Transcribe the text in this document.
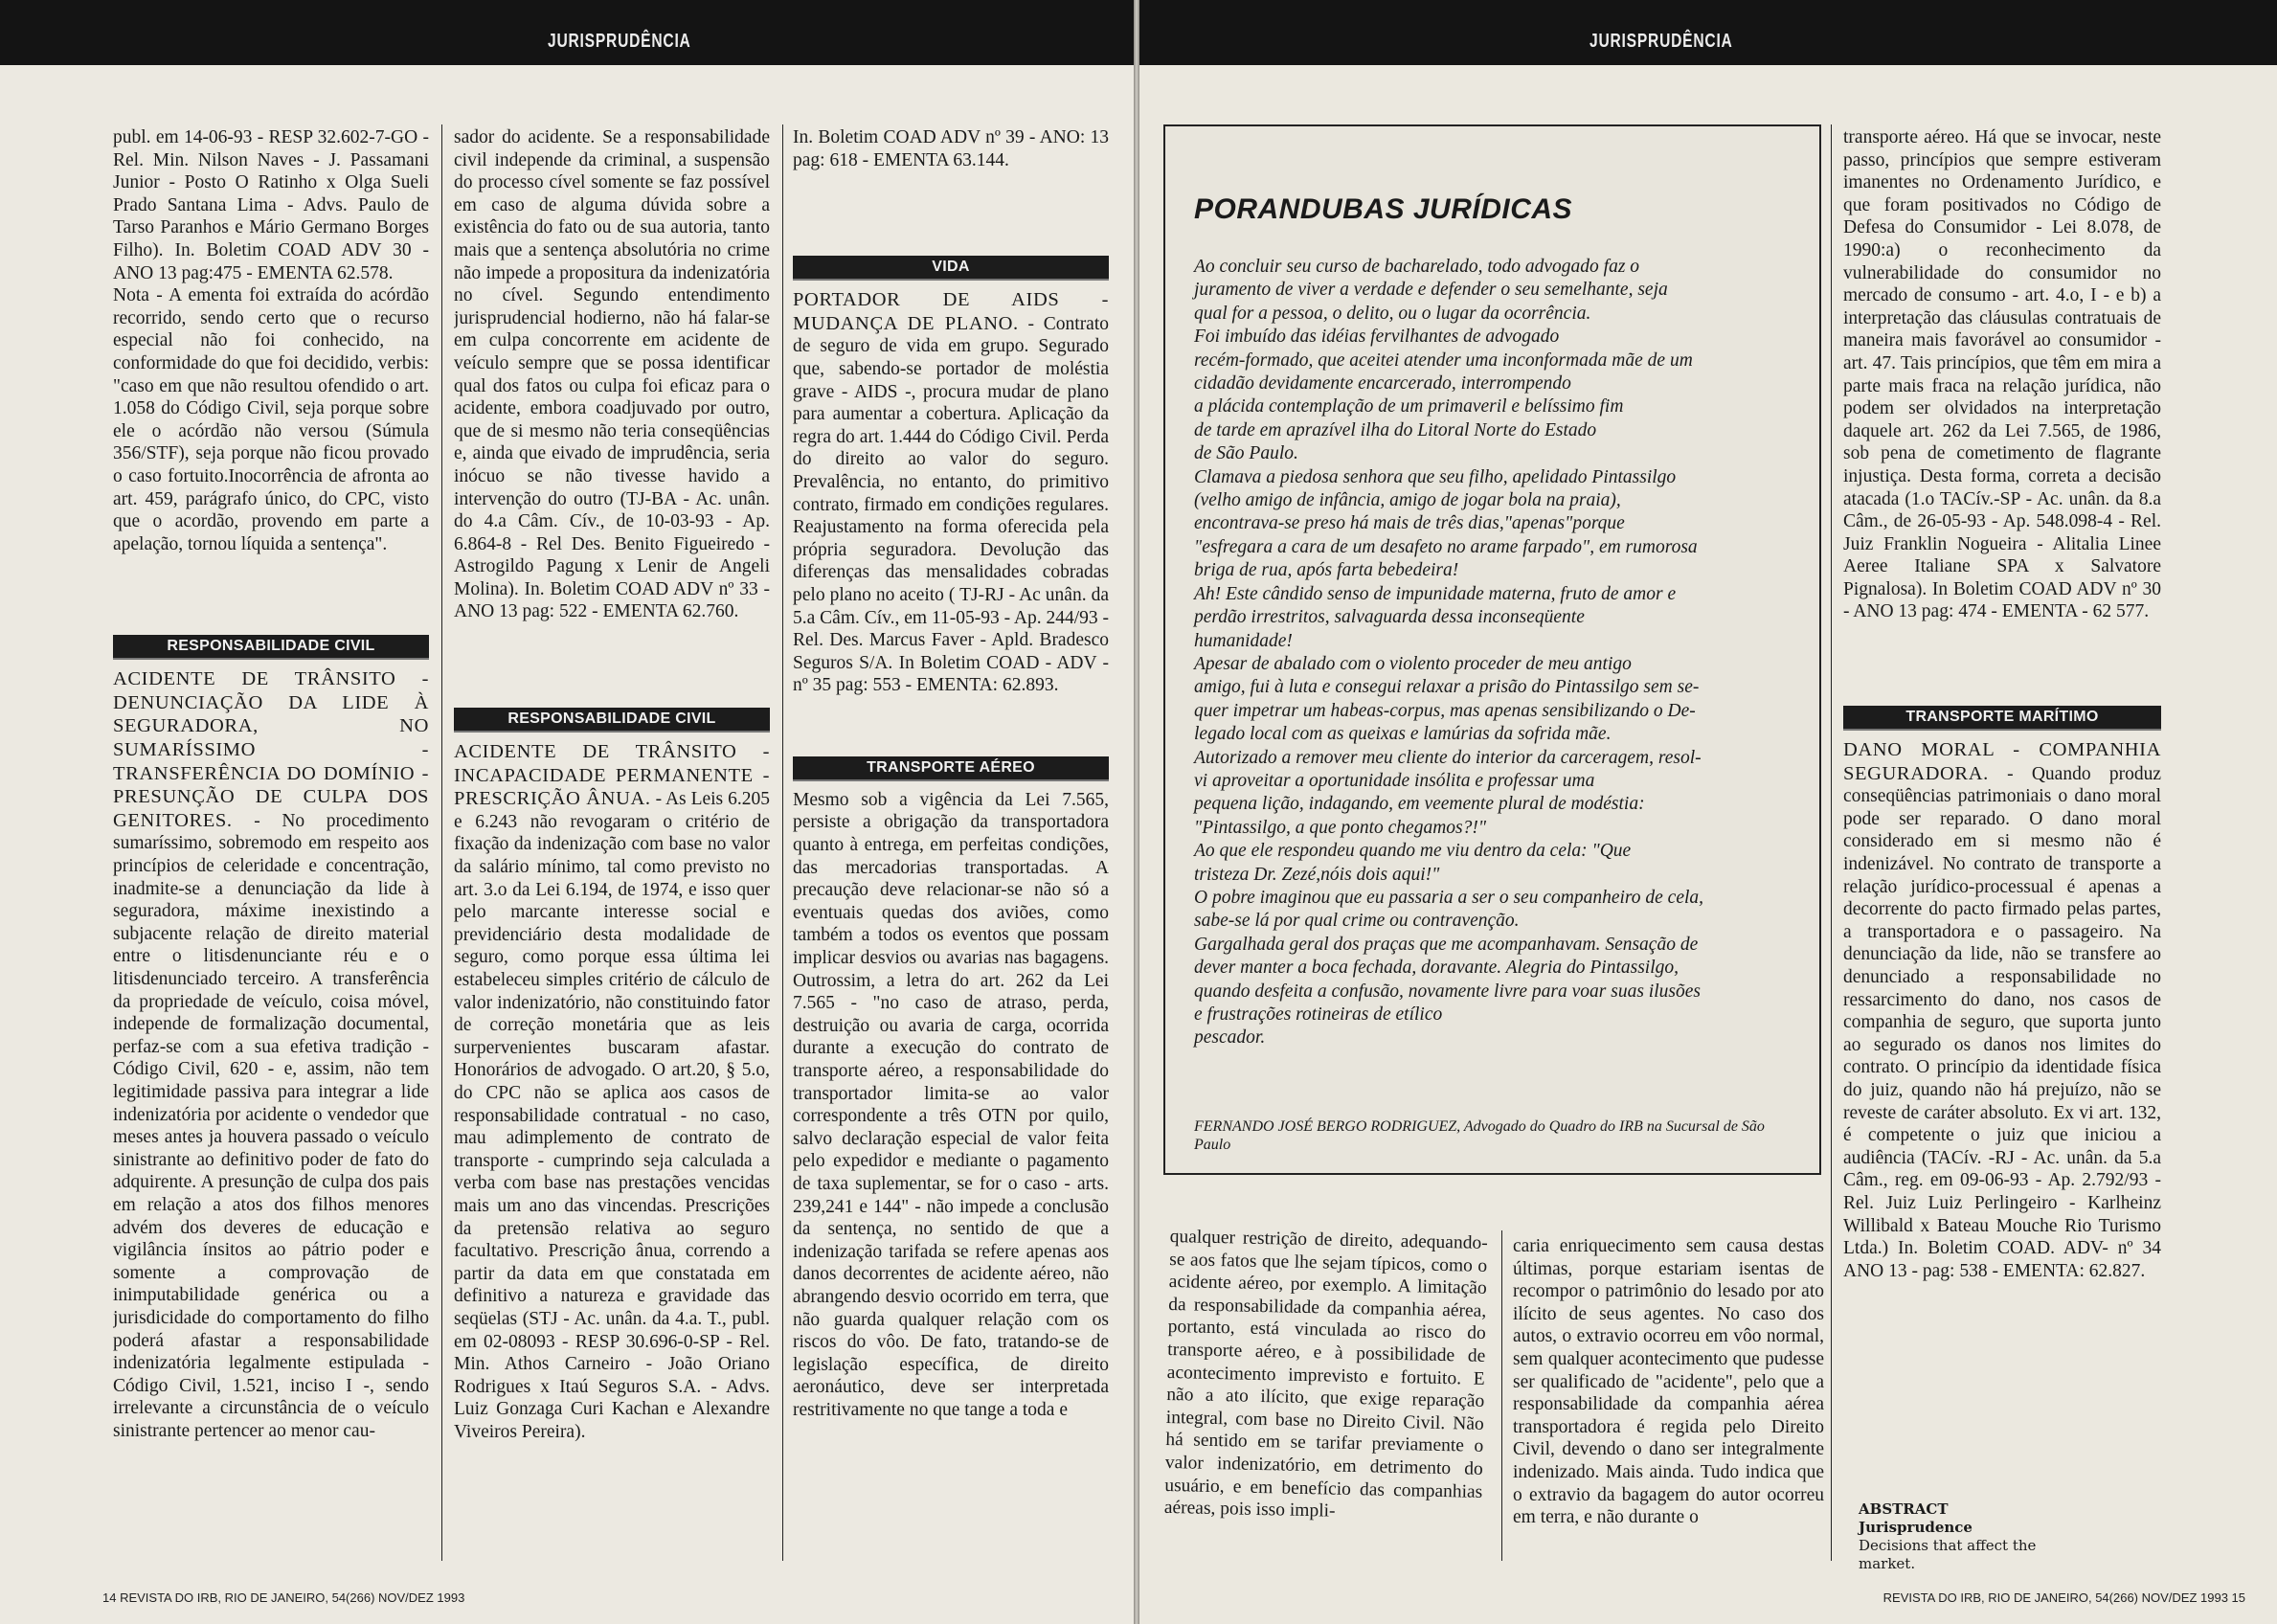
JURISPRUDÊNCIA

publ. em 14-06-93 - RESP 32.602-7-GO - Rel. Min. Nilson Naves - J. Passamani Junior - Posto O Ratinho x Olga Sueli Prado Santana Lima - Advs. Paulo de Tarso Paranhos e Mário Germano Borges Filho). In. Boletim COAD ADV 30 - ANO 13 pag:475 - EMENTA 62.578.

Nota - A ementa foi extraída do acórdão recorrido, sendo certo que o recurso especial não foi conhecido, na conformidade do que foi decidido, verbis: "caso em que não resultou ofendido o art. 1.058 do Código Civil, seja porque sobre ele o acórdão não versou (Súmula 356/STF), seja porque não ficou provado o caso fortuito.Inocorrência de afronta ao art. 459, parágrafo único, do CPC, visto que o acordão, provendo em parte a apelação, tornou líquida a sentença".

RESPONSABILIDADE CIVIL

ACIDENTE DE TRÂNSITO - DENUNCIAÇÃO DA LIDE À SEGURADORA, NO SUMARÍSSIMO - TRANSFERÊNCIA DO DOMÍNIO - PRESUNÇÃO DE CULPA DOS GENITORES. - No procedimento sumaríssimo, sobremodo em respeito aos princípios de celeridade e concentração, inadmite-se a denunciação da lide à seguradora, máxime inexistindo a subjacente relação de direito material entre o litisdenunciante réu e o litisdenunciado terceiro. A transferência da propriedade de veículo, coisa móvel, independe de formalização documental, perfaz-se com a sua efetiva tradição - Código Civil, 620 - e, assim, não tem legitimidade passiva para integrar a lide indenizatória por acidente o vendedor que meses antes ja houvera passado o veículo sinistrante ao definitivo poder de fato do adquirente. A presunção de culpa dos pais em relação a atos dos filhos menores advém dos deveres de educação e vigilância ínsitos ao pátrio poder e somente a comprovação de inimputabilidade genérica ou a jurisdicidade do comportamento do filho poderá afastar a responsabilidade indenizatória legalmente estipulada - Código Civil, 1.521, inciso I -, sendo irrelevante a circunstância de o veículo sinistrante pertencer ao menor cau-

sador do acidente. Se a responsabilidade civil independe da criminal, a suspensão do processo cível somente se faz possível em caso de alguma dúvida sobre a existência do fato ou de sua autoria, tanto mais que a sentença absolutória no crime não impede a propositura da indenizatória no cível. Segundo entendimento jurisprudencial hodierno, não há falar-se em culpa concorrente em acidente de veículo sempre que se possa identificar qual dos fatos ou culpa foi eficaz para o acidente, embora coadjuvado por outro, que de si mesmo não teria conseqüências e, ainda que eivado de imprudência, seria inócuo se não tivesse havido a intervenção do outro (TJ-BA - Ac. unân. do 4.a Câm. Cív., de 10-03-93 - Ap. 6.864-8 - Rel Des. Benito Figueiredo - Astrogildo Pagung x Lenir de Angeli Molina). In. Boletim COAD ADV nº 33 - ANO 13 pag: 522 - EMENTA 62.760.

RESPONSABILIDADE CIVIL

ACIDENTE DE TRÂNSITO - INCAPACIDADE PERMANENTE - PRESCRIÇÃO ÂNUA. - As Leis 6.205 e 6.243 não revogaram o critério de fixação da indenização com base no valor da salário mínimo, tal como previsto no art. 3.o da Lei 6.194, de 1974, e isso quer pelo marcante interesse social e previdenciário desta modalidade de seguro, como porque essa última lei estabeleceu simples critério de cálculo de valor indenizatório, não constituindo fator de correção monetária que as leis surpervenientes buscaram afastar. Honorários de advogado. O art.20, § 5.o, do CPC não se aplica aos casos de responsabilidade contratual - no caso, mau adimplemento de contrato de transporte - cumprindo seja calculada a verba com base nas prestações vencidas mais um ano das vincendas. Prescrições da pretensão relativa ao seguro facultativo. Prescrição ânua, correndo a partir da data em que constatada em definitivo a natureza e gravidade das seqüelas (STJ - Ac. unân. da 4.a. T., publ. em 02-08093 - RESP 30.696-0-SP - Rel. Min. Athos Carneiro - João Oriano Rodrigues x Itaú Seguros S.A. - Advs. Luiz Gonzaga Curi Kachan e Alexandre Viveiros Pereira).

In. Boletim COAD ADV nº 39 - ANO: 13 pag: 618 - EMENTA 63.144.

VIDA

PORTADOR DE AIDS - MUDANÇA DE PLANO. - Contrato de seguro de vida em grupo. Segurado que, sabendo-se portador de moléstia grave - AIDS -, procura mudar de plano para aumentar a cobertura. Aplicação da regra do art. 1.444 do Código Civil. Perda do direito ao valor do seguro. Prevalência, no entanto, do primitivo contrato, firmado em condições regulares. Reajustamento na forma oferecida pela própria seguradora. Devolução das diferenças das mensalidades cobradas pelo plano no aceito ( TJ-RJ - Ac unân. da 5.a Câm. Cív., em 11-05-93 - Ap. 244/93 - Rel. Des. Marcus Faver - Apld. Bradesco Seguros S/A. In Boletim COAD - ADV -nº 35 pag: 553 - EMENTA: 62.893.

TRANSPORTE AÉREO

Mesmo sob a vigência da Lei 7.565, persiste a obrigação da transportadora quanto à entrega, em perfeitas condições, das mercadorias transportadas. A precaução deve relacionar-se não só a eventuais quedas dos aviões, como também a todos os eventos que possam implicar desvios ou avarias nas bagagens. Outrossim, a letra do art. 262 da Lei 7.565 - "no caso de atraso, perda, destruição ou avaria de carga, ocorrida durante a execução do contrato de transporte aéreo, a responsabilidade do transportador limita-se ao valor correspondente a três OTN por quilo, salvo declaração especial de valor feita pelo expedidor e mediante o pagamento de taxa suplementar, se for o caso - arts. 239,241 e 144" - não impede a conclusão da sentença, no sentido de que a indenização tarifada se refere apenas aos danos decorrentes de acidente aéreo, não abrangendo desvio ocorrido em terra, que não guarda qualquer relação com os riscos do vôo. De fato, tratando-se de legislação específica, de direito aeronáutico, deve ser interpretada restritivamente no que tange a toda e

14 REVISTA DO IRB, RIO DE JANEIRO, 54(266) NOV/DEZ 1993
JURISPRUDÊNCIA

transporte aéreo. Há que se invocar, neste passo, princípios que sempre estiveram imanentes no Ordenamento Jurídico, e que foram positivados no Código de Defesa do Consumidor - Lei 8.078, de 1990:a) o reconhecimento da vulnerabilidade do consumidor no mercado de consumo - art. 4.o, I - e b) a interpretação das cláusulas contratuais de maneira mais favorável ao consumidor - art. 47. Tais princípios, que têm em mira a parte mais fraca na relação jurídica, não podem ser olvidados na interpretação daquele art. 262 da Lei 7.565, de 1986, sob pena de cometimento de flagrante injustiça. Desta forma, correta a decisão atacada (1.o TACív.-SP - Ac. unân. da 8.a Câm., de 26-05-93 - Ap. 548.098-4 - Rel. Juiz Franklin Nogueira - Alitalia Linee Aeree Italiane SPA x Salvatore Pignalosa). In Boletim COAD ADV nº 30 - ANO 13 pag: 474 - EMENTA - 62 577.

TRANSPORTE MARÍTIMO

DANO MORAL - COMPANHIA SEGURADORA. - Quando produz conseqüências patrimoniais o dano moral pode ser reparado. O dano moral considerado em si mesmo não é indenizável. No contrato de transporte a relação jurídico-processual é apenas a decorrente do pacto firmado pelas partes, a transportadora e o passageiro. Na denunciação da lide, não se transfere ao denunciado a responsabilidade no ressarcimento do dano, nos casos de companhia de seguro, que suporta junto ao segurado os danos nos limites do contrato. O princípio da identidade física do juiz, quando não há prejuízo, não se reveste de caráter absoluto. Ex vi art. 132, é competente o juiz que iniciou a audiência (TACív. -RJ - Ac. unân. da 5.a Câm., reg. em 09-06-93 - Ap. 2.792/93 - Rel. Juiz Luiz Perlingeiro - Karlheinz Willibald x Bateau Mouche Rio Turismo Ltda.) In. Boletim COAD. ADV- nº 34 ANO 13 - pag: 538 - EMENTA: 62.827.

qualquer restrição de direito, adequando-se aos fatos que lhe sejam típicos, como o acidente aéreo, por exemplo. A limitação da responsabilidade da companhia aérea, portanto, está vinculada ao risco do transporte aéreo, e à possibilidade de acontecimento imprevisto e fortuito. E não a ato ilícito, que exige reparação integral, com base no Direito Civil. Não há sentido em se tarifar previamente o valor indenizatório, em detrimento do usuário, e em benefício das companhias aéreas, pois isso impli-

caria enriquecimento sem causa destas últimas, porque estariam isentas de recompor o patrimônio do lesado por ato ilícito de seus agentes. No caso dos autos, o extravio ocorreu em vôo normal, sem qualquer acontecimento que pudesse ser qualificado de "acidente", pelo que a responsabilidade da companhia aérea transportadora é regida pelo Direito Civil, devendo o dano ser integralmente indenizado. Mais ainda. Tudo indica que o extravio da bagagem do autor ocorreu em terra, e não durante o

REVISTA DO IRB, RIO DE JANEIRO, 54(266) NOV/DEZ 1993 15
PORANDUBAS JURÍDICAS
Ao concluir seu curso de bacharelado, todo advogado faz o
juramento de viver a verdade e defender o seu semelhante, seja
qual for a pessoa, o delito, ou o lugar da ocorrência.
Foi imbuído das idéias fervilhantes de advogado
recém-formado, que aceitei atender uma inconformada mãe de um
cidadão devidamente encarcerado, interrompendo
a plácida contemplação de um primaveril e belíssimo fim
de tarde em aprazível ilha do Litoral Norte do Estado
de São Paulo.
Clamava a piedosa senhora que seu filho, apelidado Pintassilgo
(velho amigo de infância, amigo de jogar bola na praia),
encontrava-se preso há mais de três dias,"apenas"porque
"esfregara a cara de um desafeto no arame farpado", em rumorosa
briga de rua, após farta bebedeira!
Ah! Este cândido senso de impunidade materna, fruto de amor e
perdão irrestritos, salvaguarda dessa inconseqüente
humanidade!
Apesar de abalado com o violento proceder de meu antigo
amigo, fui à luta e consegui relaxar a prisão do Pintassilgo sem se-
quer impetrar um habeas-corpus, mas apenas sensibilizando o De-
legado local com as queixas e lamúrias da sofrida mãe.
Autorizado a remover meu cliente do interior da carceragem, resol-
vi aproveitar a oportunidade insólita e professar uma
pequena lição, indagando, em veemente plural de modéstia:
"Pintassilgo, a que ponto chegamos?!"
Ao que ele respondeu quando me viu dentro da cela: "Que
tristeza Dr. Zezé,nóis dois aqui!"
O pobre imaginou que eu passaria a ser o seu companheiro de cela,
sabe-se lá por qual crime ou contravenção.
Gargalhada geral dos praças que me acompanhavam. Sensação de
dever manter a boca fechada, doravante. Alegria do Pintassilgo,
quando desfeita a confusão, novamente livre para voar suas ilusões
e frustrações rotineiras de etílico
pescador.
FERNANDO JOSÉ BERGO RODRIGUEZ, Advogado do Quadro do IRB na Sucursal de São Paulo
ABSTRACT
Jurisprudence
Decisions that affect the market.
